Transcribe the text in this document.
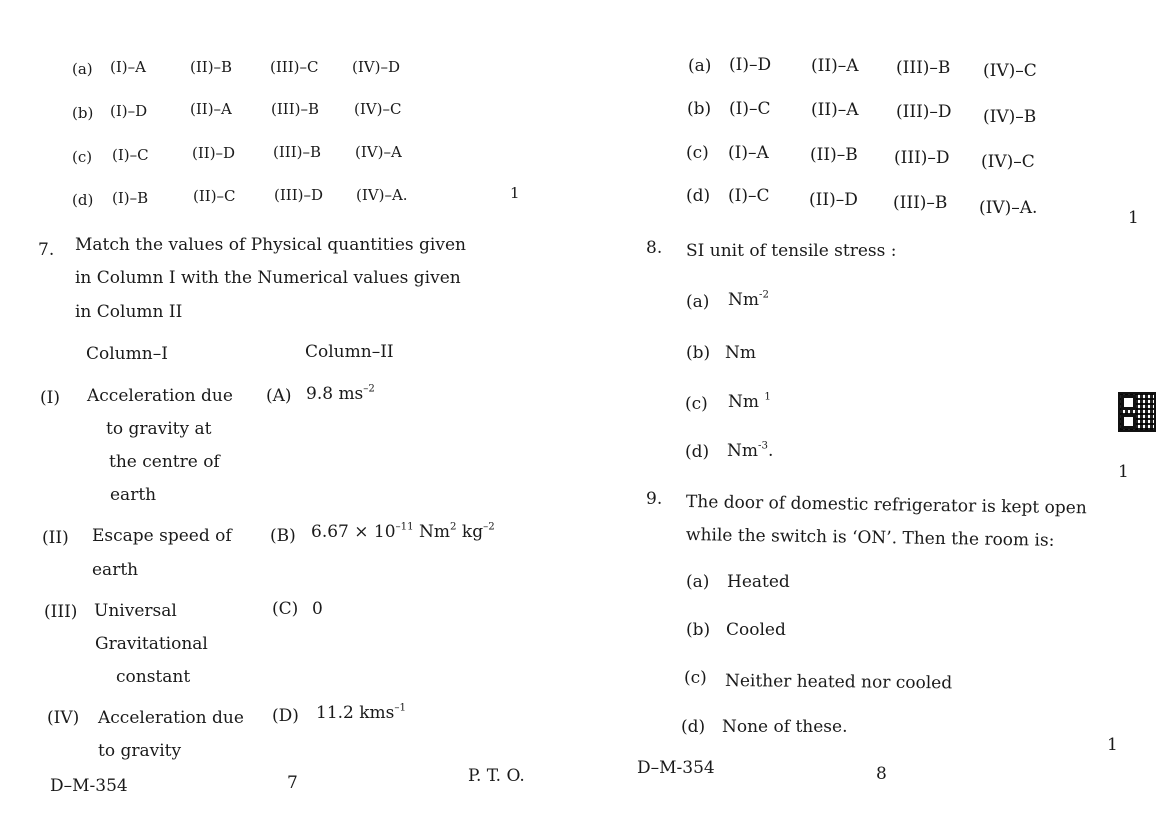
(a) (I)–A	(II)–B	(III)–C (IV)–D
(b) (I)–D	(II)–A	(III)–B (IV)–C
(c) (I)–C	(II)–D	(III)–B (IV)–A
(d) (I)–B	(II)–C	(III)–D (IV)–A.	1
7. Match the values of Physical quantities given
in Column I with the Numerical values given
in Column II
Column–I	Column–II
(I) Acceleration due
to gravity at
the centre of
earth
(A) 9.8 $ms^{-2}$
(II) Escape speed of
earth
(B) $6.67 \times 10^{-11}$ Nm$^2$ $kg^{-2}$
(III) Universal
Gravitational
constant
(C) 0
(IV) Acceleration due
to gravity
(D) 11.2 kms$^{-1}$
D–M-354	7	P. T. O.
(a) (I)–D (II)–A (III)–B (IV)–C
(b) (I)–C (II)–A (III)–D (IV)–B
(c) (I)–A (II)–B (III)–D (IV)–C
(d) (I)–C (II)–D (III)–B (IV)–A.	1
8. SI unit of tensile stress :
(a) $Nm^{-2}$
(b) Nm
(c) Nm $^1$
(d) $Nm^{-3}$.
1
9. The door of domestic refrigerator is kept open
while the switch is ‘ON’. Then the room is:
(a) Heated
(b) Cooled
(c) Neither heated nor cooled
(d) None of these.
1
D–M-354	8
